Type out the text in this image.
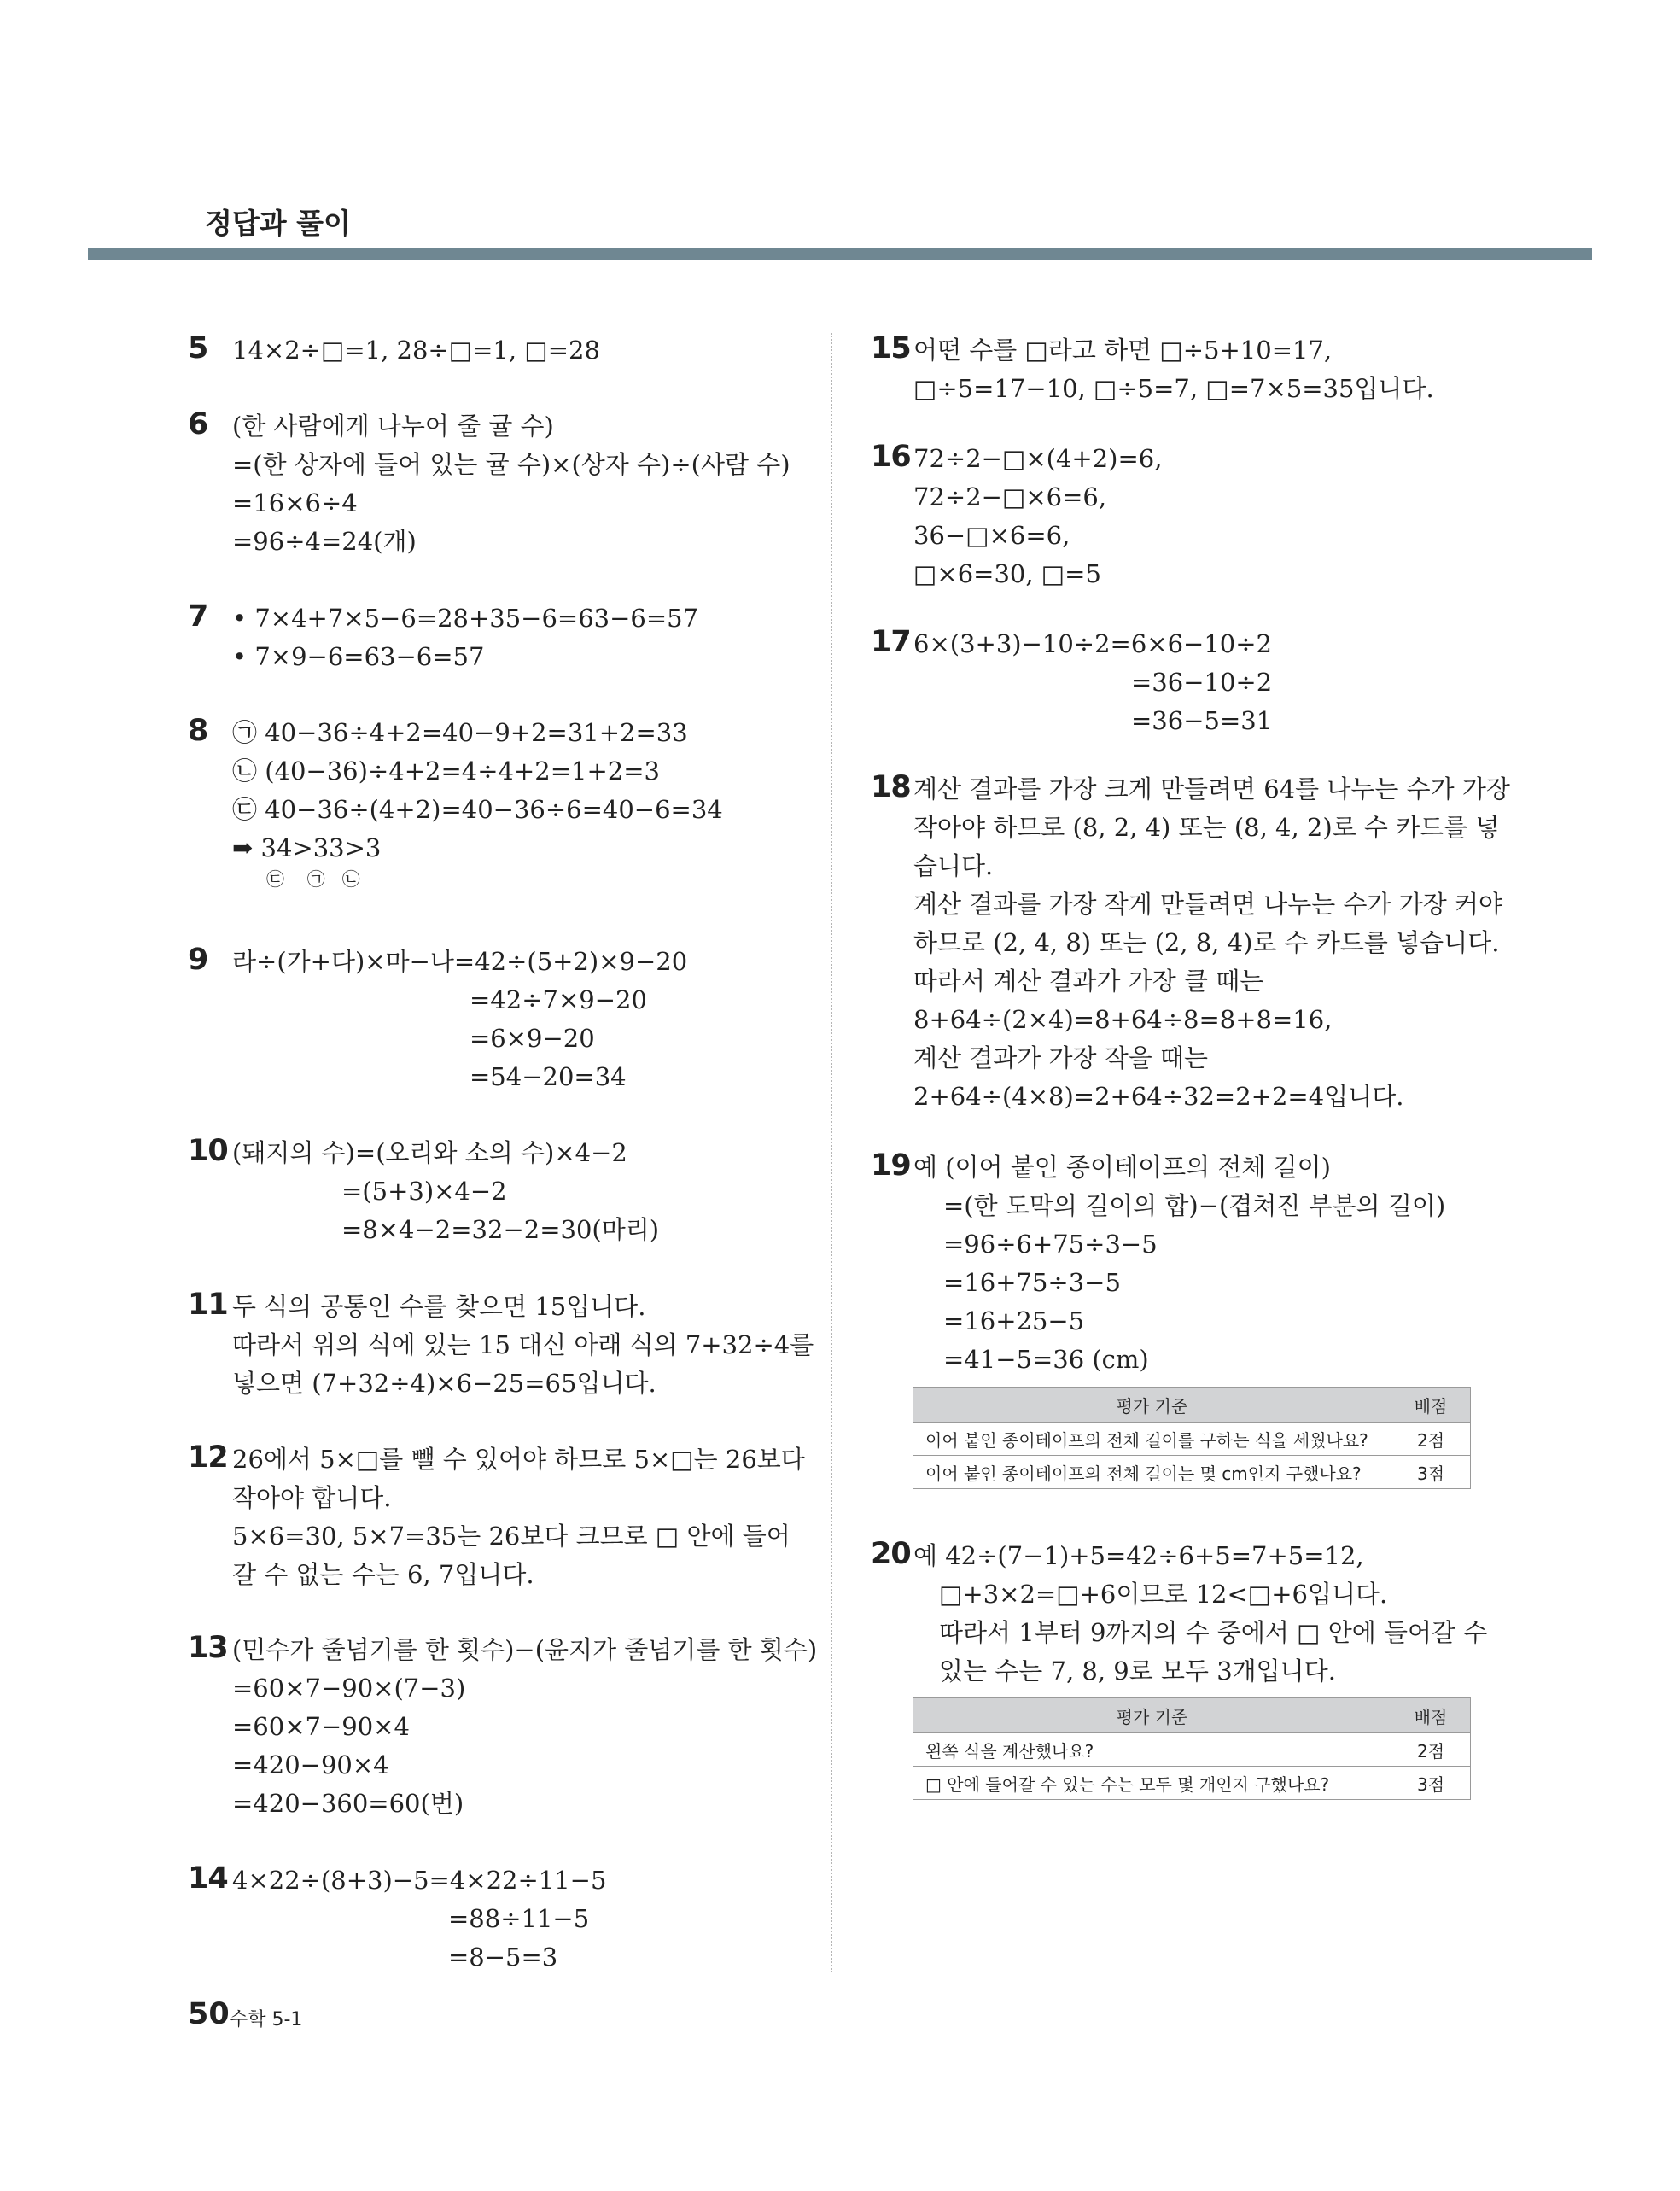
정답과 풀이
5 14×2÷□=1, 28÷□=1, □=28
6 (한 사람에게 나누어 줄 귤 수)
=(한 상자에 들어 있는 귤 수)×(상자 수)÷(사람 수)
=16×6÷4
=96÷4=24(개)
7 • 7×4+7×5−6=28+35−6=63−6=57
• 7×9−6=63−6=57
8 ㉠ 40−36÷4+2=40−9+2=31+2=33
㉡ (40−36)÷4+2=4÷4+2=1+2=3
㉢ 40−36÷(4+2)=40−36÷6=40−6=34
➡ 34>33>3
㉢    ㉠   ㉡
9 라÷(가+다)×마−나=42÷(5+2)×9−20
=42÷7×9−20
=6×9−20
=54−20=34
10 (돼지의 수)=(오리와 소의 수)×4−2
=(5+3)×4−2
=8×4−2=32−2=30(마리)
11 두 식의 공통인 수를 찾으면 15입니다.
따라서 위의 식에 있는 15 대신 아래 식의 7+32÷4를
넣으면 (7+32÷4)×6−25=65입니다.
12 26에서 5×□를 뺄 수 있어야 하므로 5×□는 26보다
작아야 합니다.
5×6=30, 5×7=35는 26보다 크므로 □ 안에 들어
갈 수 없는 수는 6, 7입니다.
13 (민수가 줄넘기를 한 횟수)−(윤지가 줄넘기를 한 횟수)
=60×7−90×(7−3)
=60×7−90×4
=420−90×4
=420−360=60(번)
14 4×22÷(8+3)−5=4×22÷11−5
=88÷11−5
=8−5=3
15 어떤 수를 □라고 하면 □÷5+10=17,
□÷5=17−10, □÷5=7, □=7×5=35입니다.
16 72÷2−□×(4+2)=6,
72÷2−□×6=6,
36−□×6=6,
□×6=30, □=5
17 6×(3+3)−10÷2=6×6−10÷2
=36−10÷2
=36−5=31
18 계산 결과를 가장 크게 만들려면 64를 나누는 수가 가장
작아야 하므로 (8, 2, 4) 또는 (8, 4, 2)로 수 카드를 넣
습니다.
계산 결과를 가장 작게 만들려면 나누는 수가 가장 커야
하므로 (2, 4, 8) 또는 (2, 8, 4)로 수 카드를 넣습니다.
따라서 계산 결과가 가장 클 때는
8+64÷(2×4)=8+64÷8=8+8=16,
계산 결과가 가장 작을 때는
2+64÷(4×8)=2+64÷32=2+2=4입니다.
19 예 (이어 붙인 종이테이프의 전체 길이)
=(한 도막의 길이의 합)−(겹쳐진 부분의 길이)
=96÷6+75÷3−5
=16+75÷3−5
=16+25−5
=41−5=36 (cm)
평가 기준	배점
이어 붙인 종이테이프의 전체 길이를 구하는 식을 세웠나요?	2점
이어 붙인 종이테이프의 전체 길이는 몇 cm인지 구했나요?	3점
20 예 42÷(7−1)+5=42÷6+5=7+5=12,
□+3×2=□+6이므로 12<□+6입니다.
따라서 1부터 9까지의 수 중에서 □ 안에 들어갈 수
있는 수는 7, 8, 9로 모두 3개입니다.
평가 기준	배점
왼쪽 식을 계산했나요?	2점
□ 안에 들어갈 수 있는 수는 모두 몇 개인지 구했나요?	3점
50 수학 5-1
